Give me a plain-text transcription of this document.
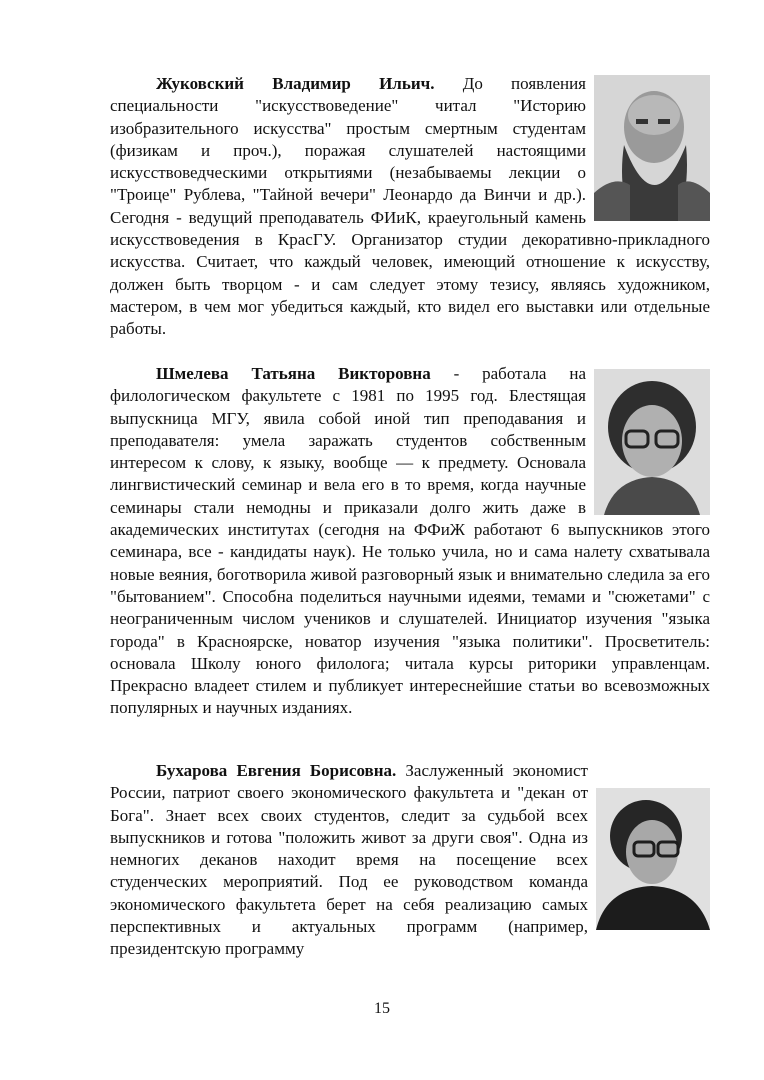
Жуковский Владимир Ильич. До появления специальности "искусствоведение" читал "Историю изобразительного искусства" простым смертным студентам (физикам и проч.), поражая слушателей настоящими искусствоведческими открытиями (незабываемы лекции о "Троице" Рублева, "Тайной вечери" Леонардо да Винчи и др.). Сегодня - ведущий преподаватель ФИиК, краеугольный камень искусствоведения в КрасГУ. Организатор студии декоративно-прикладного искусства. Считает, что каждый человек, имеющий отношение к искусству, должен быть творцом - и сам следует этому тезису, являясь художником, мастером, в чем мог убедиться каждый, кто видел его выставки или отдельные работы.

Шмелева Татьяна Викторовна - работала на филологическом факультете с 1981 по 1995 год. Блестящая выпускница МГУ, явила собой иной тип преподавания и преподавателя: умела заражать студентов собственным интересом к слову, к языку, вообще — к предмету. Основала лингвистический семинар и вела его в то время, когда научные семинары стали немодны и приказали долго жить даже в академических институтах (сегодня на ФФиЖ работают 6 выпускников этого семинара, все - кандидаты наук). Не только учила, но и сама налету схватывала новые веяния, боготворила живой разговорный язык и внимательно следила за его "бытованием". Способна поделиться научными идеями, темами и "сюжетами" с неограниченным числом учеников и слушателей. Инициатор изучения "языка города" в Красноярске, новатор изучения "языка политики". Просветитель: основала Школу юного филолога; читала курсы риторики управленцам. Прекрасно владеет стилем и публикует интереснейшие статьи во всевозможных популярных и научных изданиях.

Бухарова Евгения Борисовна. Заслуженный экономист России, патриот своего экономического факультета и "декан от Бога". Знает всех своих студентов, следит за судьбой всех выпускников и готова "положить живот за други своя". Одна из немногих деканов находит время на посещение всех студенческих мероприятий. Под ее руководством команда экономического факультета берет на себя реализацию самых перспективных и актуальных программ (например, президентскую программу

15
